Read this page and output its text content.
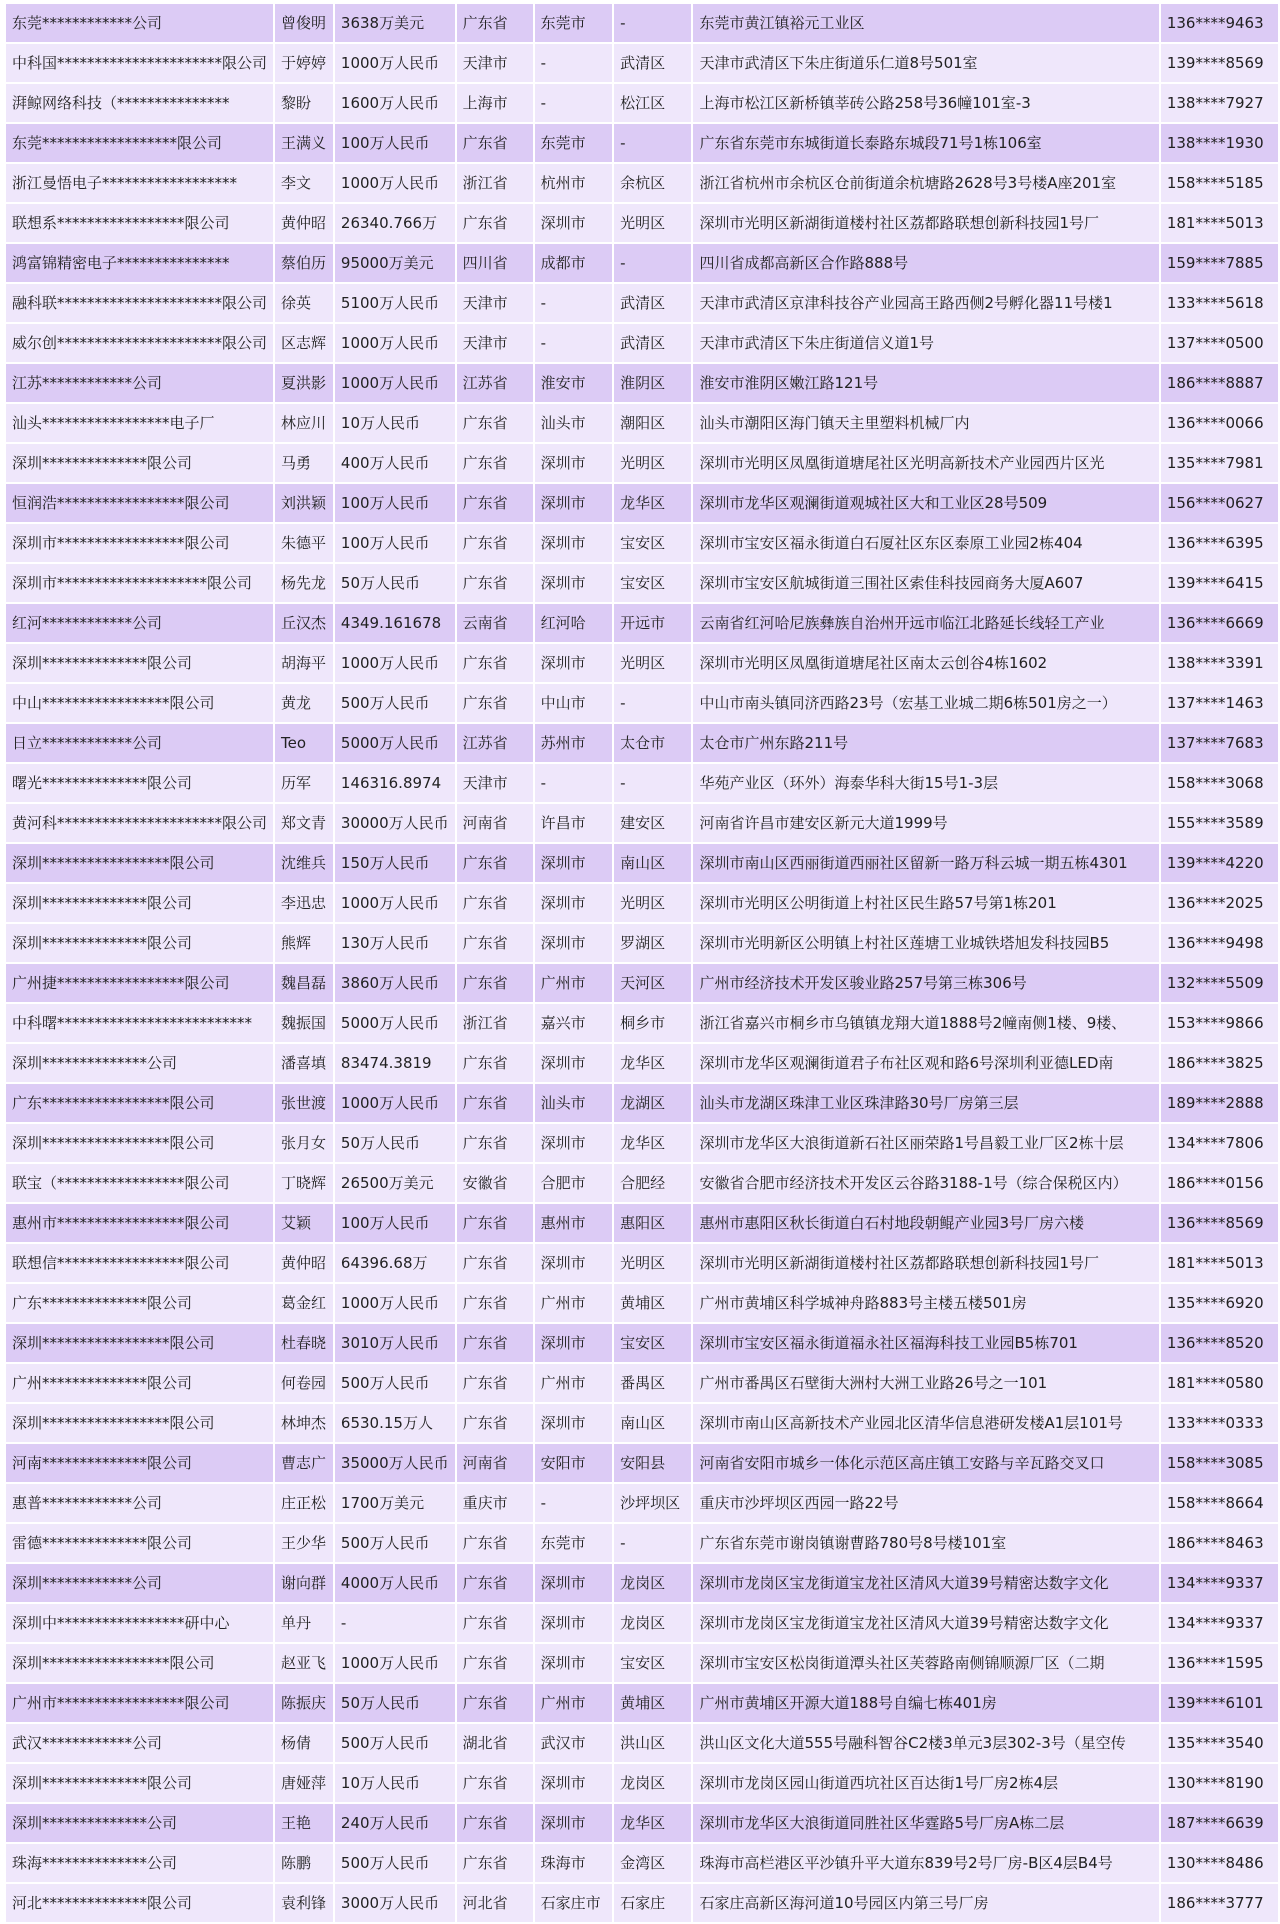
东莞************公司	曾俊明	3638万美元	广东省	东莞市	-	东莞市黄江镇裕元工业区	136****9463
中科国**********************限公司	于婷婷	1000万人民币	天津市	-	武清区	天津市武清区下朱庄街道乐仁道8号501室	139****8569
湃鲸网络科技（***************	黎盼	1600万人民币	上海市	-	松江区	上海市松江区新桥镇莘砖公路258号36幢101室-3	138****7927
东莞******************限公司	王满义	100万人民币	广东省	东莞市	-	广东省东莞市东城街道长泰路东城段71号1栋106室	138****1930
浙江曼悟电子******************	李文	1000万人民币	浙江省	杭州市	余杭区	浙江省杭州市余杭区仓前街道余杭塘路2628号3号楼A座201室	158****5185
联想系*****************限公司	黄仲昭	26340.766万	广东省	深圳市	光明区	深圳市光明区新湖街道楼村社区荔都路联想创新科技园1号厂	181****5013
鸿富锦精密电子***************	蔡伯历	95000万美元	四川省	成都市	-	四川省成都高新区合作路888号	159****7885
融科联**********************限公司	徐英	5100万人民币	天津市	-	武清区	天津市武清区京津科技谷产业园高王路西侧2号孵化器11号楼1	133****5618
威尔创**********************限公司	区志辉	1000万人民币	天津市	-	武清区	天津市武清区下朱庄街道信义道1号	137****0500
江苏************公司	夏洪影	1000万人民币	江苏省	淮安市	淮阴区	淮安市淮阴区嫩江路121号	186****8887
汕头*****************电子厂	林应川	10万人民币	广东省	汕头市	潮阳区	汕头市潮阳区海门镇天主里塑料机械厂内	136****0066
深圳**************限公司	马勇	400万人民币	广东省	深圳市	光明区	深圳市光明区凤凰街道塘尾社区光明高新技术产业园西片区光	135****7981
恒润浩*****************限公司	刘洪颖	100万人民币	广东省	深圳市	龙华区	深圳市龙华区观澜街道观城社区大和工业区28号509	156****0627
深圳市*****************限公司	朱德平	100万人民币	广东省	深圳市	宝安区	深圳市宝安区福永街道白石厦社区东区泰原工业园2栋404	136****6395
深圳市********************限公司	杨先龙	50万人民币	广东省	深圳市	宝安区	深圳市宝安区航城街道三围社区索佳科技园商务大厦A607	139****6415
红河************公司	丘汉杰	4349.161678	云南省	红河哈	开远市	云南省红河哈尼族彝族自治州开远市临江北路延长线轻工产业	136****6669
深圳**************限公司	胡海平	1000万人民币	广东省	深圳市	光明区	深圳市光明区凤凰街道塘尾社区南太云创谷4栋1602	138****3391
中山*****************限公司	黄龙	500万人民币	广东省	中山市	-	中山市南头镇同济西路23号（宏基工业城二期6栋501房之一）	137****1463
日立************公司	Teo	5000万人民币	江苏省	苏州市	太仓市	太仓市广州东路211号	137****7683
曙光**************限公司	历军	146316.8974	天津市	-	-	华苑产业区（环外）海泰华科大街15号1-3层	158****3068
黄河科**********************限公司	郑文青	30000万人民币	河南省	许昌市	建安区	河南省许昌市建安区新元大道1999号	155****3589
深圳*****************限公司	沈维兵	150万人民币	广东省	深圳市	南山区	深圳市南山区西丽街道西丽社区留新一路万科云城一期五栋4301	139****4220
深圳**************限公司	李迅忠	1000万人民币	广东省	深圳市	光明区	深圳市光明区公明街道上村社区民生路57号第1栋201	136****2025
深圳**************限公司	熊辉	130万人民币	广东省	深圳市	罗湖区	深圳市光明新区公明镇上村社区莲塘工业城铁塔旭发科技园B5	136****9498
广州捷*****************限公司	魏昌磊	3860万人民币	广东省	广州市	天河区	广州市经济技术开发区骏业路257号第三栋306号	132****5509
中科曙**************************	魏振国	5000万人民币	浙江省	嘉兴市	桐乡市	浙江省嘉兴市桐乡市乌镇镇龙翔大道1888号2幢南侧1楼、9楼、	153****9866
深圳**************公司	潘喜填	83474.3819	广东省	深圳市	龙华区	深圳市龙华区观澜街道君子布社区观和路6号深圳利亚德LED南	186****3825
广东*****************限公司	张世渡	1000万人民币	广东省	汕头市	龙湖区	汕头市龙湖区珠津工业区珠津路30号厂房第三层	189****2888
深圳*****************限公司	张月女	50万人民币	广东省	深圳市	龙华区	深圳市龙华区大浪街道新石社区丽荣路1号昌毅工业厂区2栋十层	134****7806
联宝（*****************限公司	丁晓辉	26500万美元	安徽省	合肥市	合肥经	安徽省合肥市经济技术开发区云谷路3188-1号（综合保税区内）	186****0156
惠州市*****************限公司	艾颖	100万人民币	广东省	惠州市	惠阳区	惠州市惠阳区秋长街道白石村地段朝鲲产业园3号厂房六楼	136****8569
联想信*****************限公司	黄仲昭	64396.68万	广东省	深圳市	光明区	深圳市光明区新湖街道楼村社区荔都路联想创新科技园1号厂	181****5013
广东**************限公司	葛金红	1000万人民币	广东省	广州市	黄埔区	广州市黄埔区科学城神舟路883号主楼五楼501房	135****6920
深圳*****************限公司	杜春晓	3010万人民币	广东省	深圳市	宝安区	深圳市宝安区福永街道福永社区福海科技工业园B5栋701	136****8520
广州**************限公司	何卷园	500万人民币	广东省	广州市	番禺区	广州市番禺区石壁街大洲村大洲工业路26号之一101	181****0580
深圳*****************限公司	林坤杰	6530.15万人	广东省	深圳市	南山区	深圳市南山区高新技术产业园北区清华信息港研发楼A1层101号	133****0333
河南**************限公司	曹志广	35000万人民币	河南省	安阳市	安阳县	河南省安阳市城乡一体化示范区高庄镇工安路与辛瓦路交叉口	158****3085
惠普************公司	庄正松	1700万美元	重庆市	-	沙坪坝区	重庆市沙坪坝区西园一路22号	158****8664
雷德**************限公司	王少华	500万人民币	广东省	东莞市	-	广东省东莞市谢岗镇谢曹路780号8号楼101室	186****8463
深圳************公司	谢向群	4000万人民币	广东省	深圳市	龙岗区	深圳市龙岗区宝龙街道宝龙社区清风大道39号精密达数字文化	134****9337
深圳中*****************研中心	单丹	-	广东省	深圳市	龙岗区	深圳市龙岗区宝龙街道宝龙社区清风大道39号精密达数字文化	134****9337
深圳*****************限公司	赵亚飞	1000万人民币	广东省	深圳市	宝安区	深圳市宝安区松岗街道潭头社区芙蓉路南侧锦顺源厂区（二期	136****1595
广州市*****************限公司	陈振庆	50万人民币	广东省	广州市	黄埔区	广州市黄埔区开源大道188号自编七栋401房	139****6101
武汉************公司	杨倩	500万人民币	湖北省	武汉市	洪山区	洪山区文化大道555号融科智谷C2楼3单元3层302-3号（星空传	135****3540
深圳**************限公司	唐娅萍	10万人民币	广东省	深圳市	龙岗区	深圳市龙岗区园山街道西坑社区百达街1号厂房2栋4层	130****8190
深圳**************公司	王艳	240万人民币	广东省	深圳市	龙华区	深圳市龙华区大浪街道同胜社区华霆路5号厂房A栋二层	187****6639
珠海**************公司	陈鹏	500万人民币	广东省	珠海市	金湾区	珠海市高栏港区平沙镇升平大道东839号2号厂房-B区4层B4号	130****8486
河北**************限公司	袁利锋	3000万人民币	河北省	石家庄市	石家庄	石家庄高新区海河道10号园区内第三号厂房	186****3777
